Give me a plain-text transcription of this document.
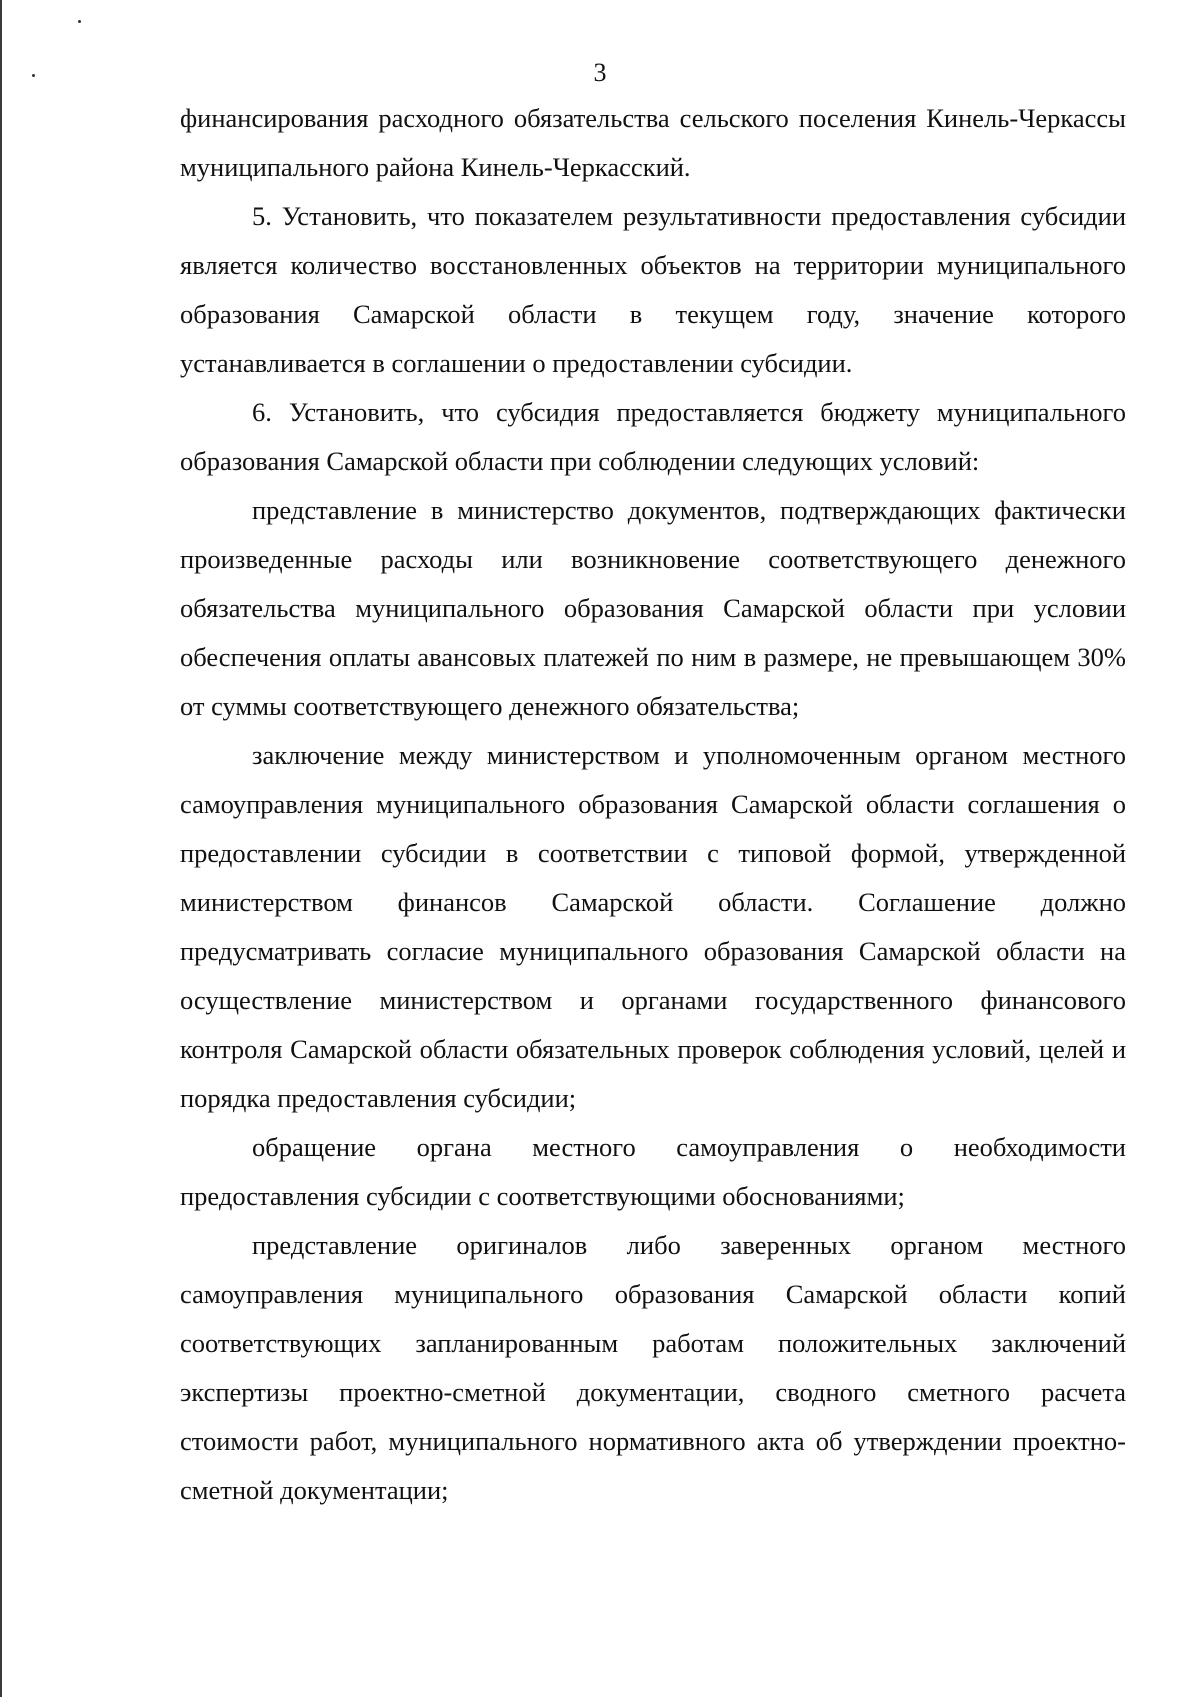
3

финансирования расходного обязательства сельского поселения Кинель-Черкассы муниципального района Кинель-Черкасский.

5. Установить, что показателем результативности предоставления субсидии является количество восстановленных объектов на территории муниципального образования Самарской области в текущем году, значение которого устанавливается в соглашении о предоставлении субсидии.

6. Установить, что субсидия предоставляется бюджету муниципального образования Самарской области при соблюдении следующих условий:

представление в министерство документов, подтверждающих фактически произведенные расходы или возникновение соответствующего денежного обязательства муниципального образования Самарской области при условии обеспечения оплаты авансовых платежей по ним в размере, не превышающем 30% от суммы соответствующего денежного обязательства;

заключение между министерством и уполномоченным органом местного самоуправления муниципального образования Самарской области соглашения о предоставлении субсидии в соответствии с типовой формой, утвержденной министерством финансов Самарской области. Соглашение должно предусматривать согласие муниципального образования Самарской области на осуществление министерством и органами государственного финансового контроля Самарской области обязательных проверок соблюдения условий, целей и порядка предоставления субсидии;

обращение органа местного самоуправления о необходимости предоставления субсидии с соответствующими обоснованиями;

представление оригиналов либо заверенных органом местного самоуправления муниципального образования Самарской области копий соответствующих запланированным работам положительных заключений экспертизы проектно-сметной документации, сводного сметного расчета стоимости работ, муниципального нормативного акта об утверждении проектно-сметной документации;
